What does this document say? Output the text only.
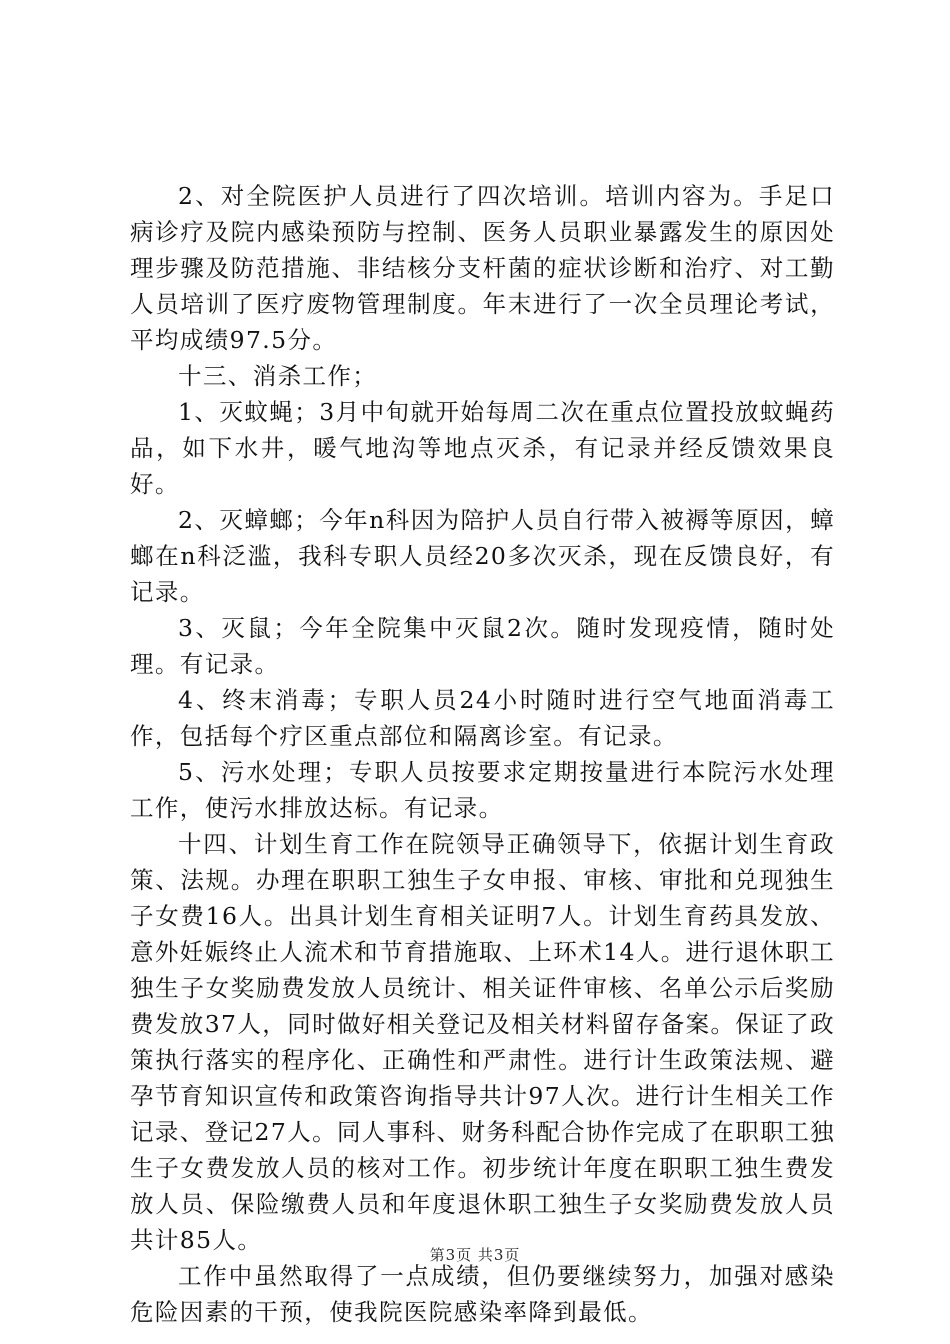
2、对全院医护人员进行了四次培训。培训内容为。手足口病诊疗及院内感染预防与控制、医务人员职业暴露发生的原因处理步骤及防范措施、非结核分支杆菌的症状诊断和治疗、对工勤人员培训了医疗废物管理制度。年末进行了一次全员理论考试，平均成绩97.5分。

十三、消杀工作；

1、灭蚊蝇；3月中旬就开始每周二次在重点位置投放蚊蝇药品，如下水井，暖气地沟等地点灭杀，有记录并经反馈效果良好。

2、灭蟑螂；今年n科因为陪护人员自行带入被褥等原因，蟑螂在n科泛滥，我科专职人员经20多次灭杀，现在反馈良好，有记录。

3、灭鼠；今年全院集中灭鼠2次。随时发现疫情，随时处理。有记录。

4、终末消毒；专职人员24小时随时进行空气地面消毒工作，包括每个疗区重点部位和隔离诊室。有记录。

5、污水处理；专职人员按要求定期按量进行本院污水处理工作，使污水排放达标。有记录。

十四、计划生育工作在院领导正确领导下，依据计划生育政策、法规。办理在职职工独生子女申报、审核、审批和兑现独生子女费16人。出具计划生育相关证明7人。计划生育药具发放、意外妊娠终止人流术和节育措施取、上环术14人。进行退休职工独生子女奖励费发放人员统计、相关证件审核、名单公示后奖励费发放37人，同时做好相关登记及相关材料留存备案。保证了政策执行落实的程序化、正确性和严肃性。进行计生政策法规、避孕节育知识宣传和政策咨询指导共计97人次。进行计生相关工作记录、登记27人。同人事科、财务科配合协作完成了在职职工独生子女费发放人员的核对工作。初步统计年度在职职工独生费发放人员、保险缴费人员和年度退休职工独生子女奖励费发放人员共计85人。

工作中虽然取得了一点成绩，但仍要继续努力，加强对感染危险因素的干预，使我院医院感染率降到最低。

第3页 共3页
